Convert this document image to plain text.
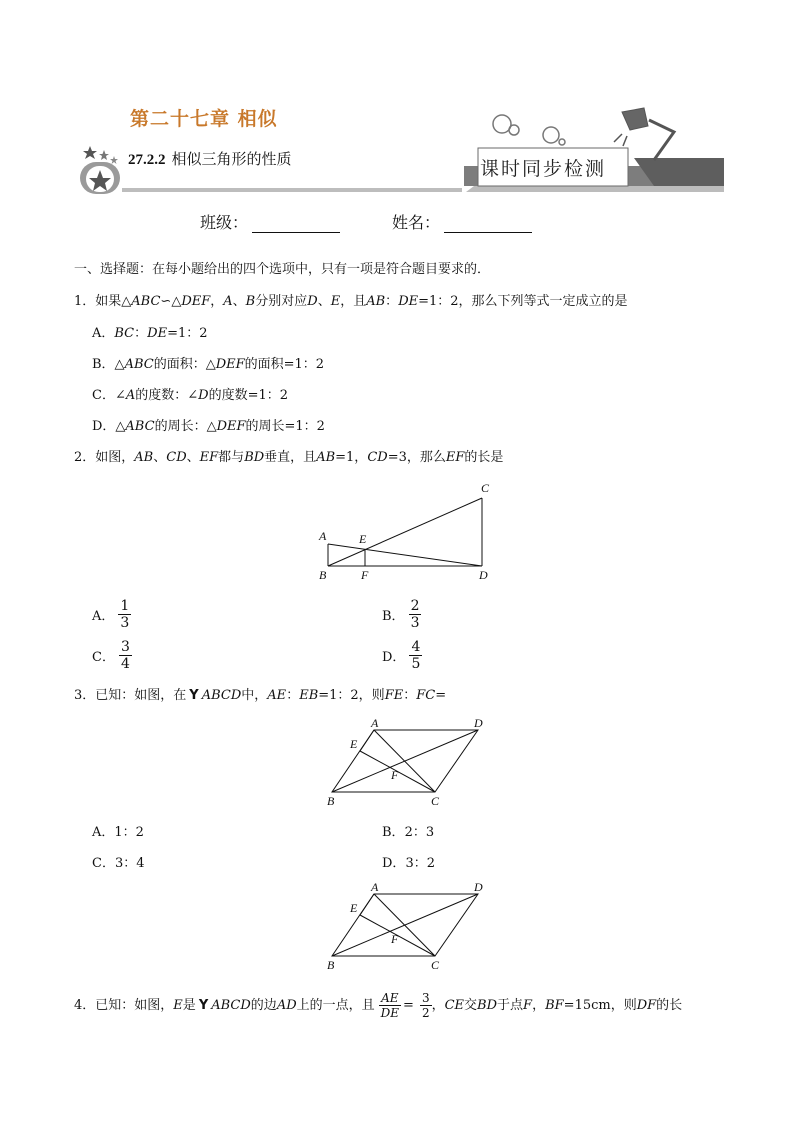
第二十七章 相似
27.2.2 相似三角形的性质	课时同步检测
班级：	姓名：
一、选择题：在每小题给出的四个选项中，只有一项是符合题目要求的．
1．如果△ABC∽△DEF，A、B分别对应D、E，且AB：DE=1：2，那么下列等式一定成立的是
A．BC：DE=1：2
B．△ABC的面积：△DEF的面积=1：2
C．∠A的度数：∠D的度数=1：2
D．△ABC的周长：△DEF的周长=1：2
2．如图，AB、CD、EF都与BD垂直，且AB=1，CD=3，那么EF的长是
A
B
C
D
E
F
A． $\frac{1}{3}$	B． $\frac{2}{3}$
C． $\frac{3}{4}$	D． $\frac{4}{5}$
3．已知：如图，在 Y ABCD中，AE：EB=1：2，则FE：FC=
A	D
E
F
B	C
A．1：2	B．2：3
C．3：4	D．3：2
A	D
E
F
B	C
4．已知：如图，E是 Y ABCD的边AD上的一点，且 $\frac{AE}{DE} = \frac{3}{2}$ ，CE交BD于点F，BF=15cm，则DF的长
